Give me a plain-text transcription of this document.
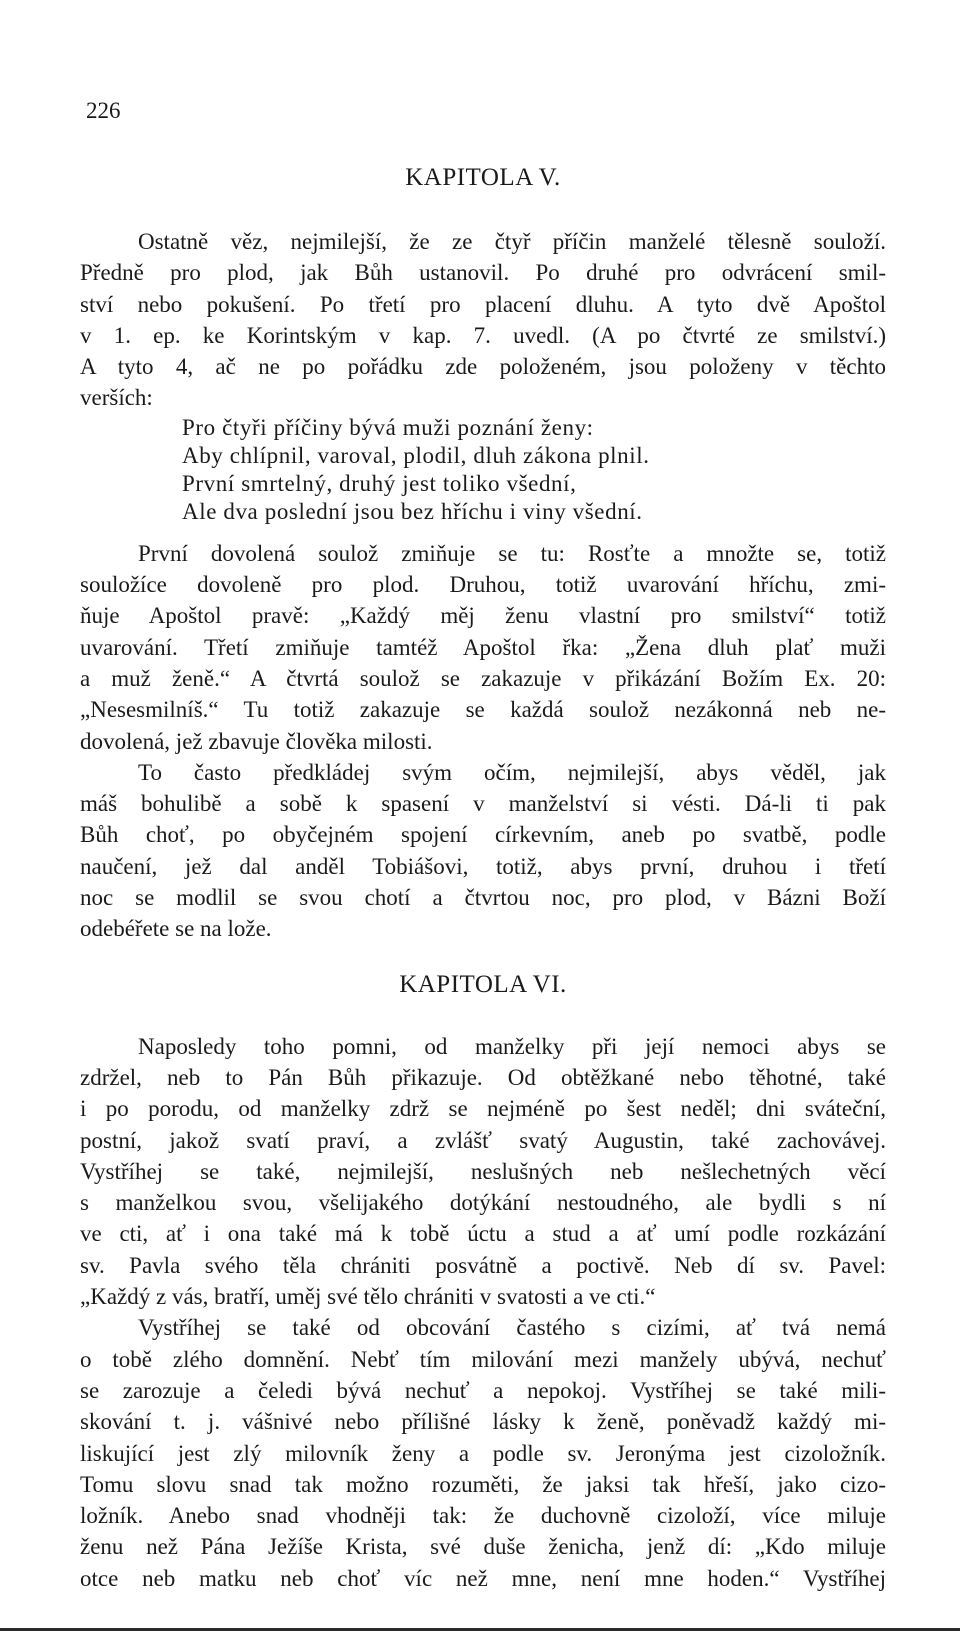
226
KAPITOLA V.
Ostatně věz, nejmilejší, že ze čtyř příčin manželé tělesně souloží.
Předně pro plod, jak Bůh ustanovil. Po druhé pro odvrácení smil-
ství nebo pokušení. Po třetí pro placení dluhu. A tyto dvě Apoštol
v 1. ep. ke Korintským v kap. 7. uvedl. (A po čtvrté ze smilství.)
A tyto 4, ač ne po pořádku zde položeném, jsou položeny v těchto
verších:
Pro čtyři příčiny bývá muži poznání ženy:
Aby chlípnil, varoval, plodil, dluh zákona plnil.
První smrtelný, druhý jest toliko všední,
Ale dva poslední jsou bez hříchu i viny všední.
První dovolená soulož zmiňuje se tu: Rosťte a množte se, totiž
souložíce dovoleně pro plod. Druhou, totiž uvarování hříchu, zmi-
ňuje Apoštol pravě: „Každý měj ženu vlastní pro smilství“ totiž
uvarování. Třetí zmiňuje tamtéž Apoštol řka: „Žena dluh plať muži
a muž ženě.“ A čtvrtá soulož se zakazuje v přikázání Božím Ex. 20:
„Nesesmilníš.“ Tu totiž zakazuje se každá soulož nezákonná neb ne-
dovolená, jež zbavuje člověka milosti.
To často předkládej svým očím, nejmilejší, abys věděl, jak
máš bohulibě a sobě k spasení v manželství si vésti. Dá-li ti pak
Bůh choť, po obyčejném spojení církevním, aneb po svatbě, podle
naučení, jež dal anděl Tobiášovi, totiž, abys první, druhou i třetí
noc se modlil se svou chotí a čtvrtou noc, pro plod, v Bázni Boží
odebéřete se na lože.
KAPITOLA VI.
Naposledy toho pomni, od manželky při její nemoci abys se
zdržel, neb to Pán Bůh přikazuje. Od obtěžkané nebo těhotné, také
i po porodu, od manželky zdrž se nejméně po šest neděl; dni sváteční,
postní, jakož svatí praví, a zvlášť svatý Augustin, také zachovávej.
Vystříhej se také, nejmilejší, neslušných neb nešlechetných věcí
s manželkou svou, všelijakého dotýkání nestoudného, ale bydli s ní
ve cti, ať i ona také má k tobě úctu a stud a ať umí podle rozkázání
sv. Pavla svého těla chrániti posvátně a poctivě. Neb dí sv. Pavel:
„Každý z vás, bratří, uměj své tělo chrániti v svatosti a ve cti.“
Vystříhej se také od obcování častého s cizími, ať tvá nemá
o tobě zlého domnění. Nebť tím milování mezi manžely ubývá, nechuť
se zarozuje a čeledi bývá nechuť a nepokoj. Vystříhej se také mili-
skování t. j. vášnivé nebo přílišné lásky k ženě, poněvadž každý mi-
liskující jest zlý milovník ženy a podle sv. Jeronýma jest cizoložník.
Tomu slovu snad tak možno rozuměti, že jaksi tak hřeší, jako cizo-
ložník. Anebo snad vhodněji tak: že duchovně cizoloží, více miluje
ženu než Pána Ježíše Krista, své duše ženicha, jenž dí: „Kdo miluje
otce neb matku neb choť víc než mne, není mne hoden.“ Vystříhej
